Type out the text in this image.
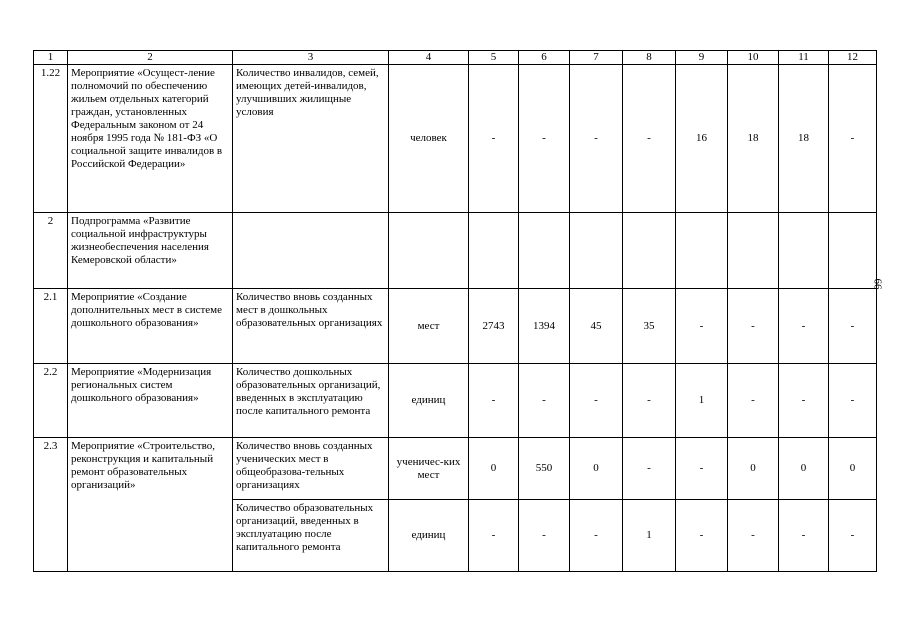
1	2	3	4	5	6	7	8	9	10	11	12
1.22	Мероприятие «Осущест-ление полномочий по обеспечению жильем отдельных категорий граждан, установленных Федеральным законом от 24 ноября 1995 года № 181-ФЗ «О социальной защите инвалидов в Российской Федерации»	Количество инвалидов, семей, имеющих детей-инвалидов, улучшивших жилищные условия	человек	-	-	-	-	16	18	18	-
2	Подпрограмма «Развитие социальной инфраструктуры жизнеобеспечения населения Кемеровской области»										
2.1	Мероприятие «Создание дополнительных мест в системе дошкольного образования»	Количество вновь созданных мест в дошкольных образовательных организациях	мест	2743	1394	45	35	-	-	-	-
2.2	Мероприятие «Модернизация региональных систем дошкольного образования»	Количество дошкольных образовательных организаций, введенных в эксплуатацию после капитального ремонта	единиц	-	-	-	-	1	-	-	-
2.3	Мероприятие «Строительство, реконструкция и капитальный ремонт образовательных организаций»	Количество вновь созданных ученических мест в общеобразова-тельных организациях	ученичес-ких мест	0	550	0	-	-	0	0	0
		Количество образовательных организаций, введенных в эксплуатацию после капитального ремонта	единиц	-	-	-	1	-	-	-	-
66
